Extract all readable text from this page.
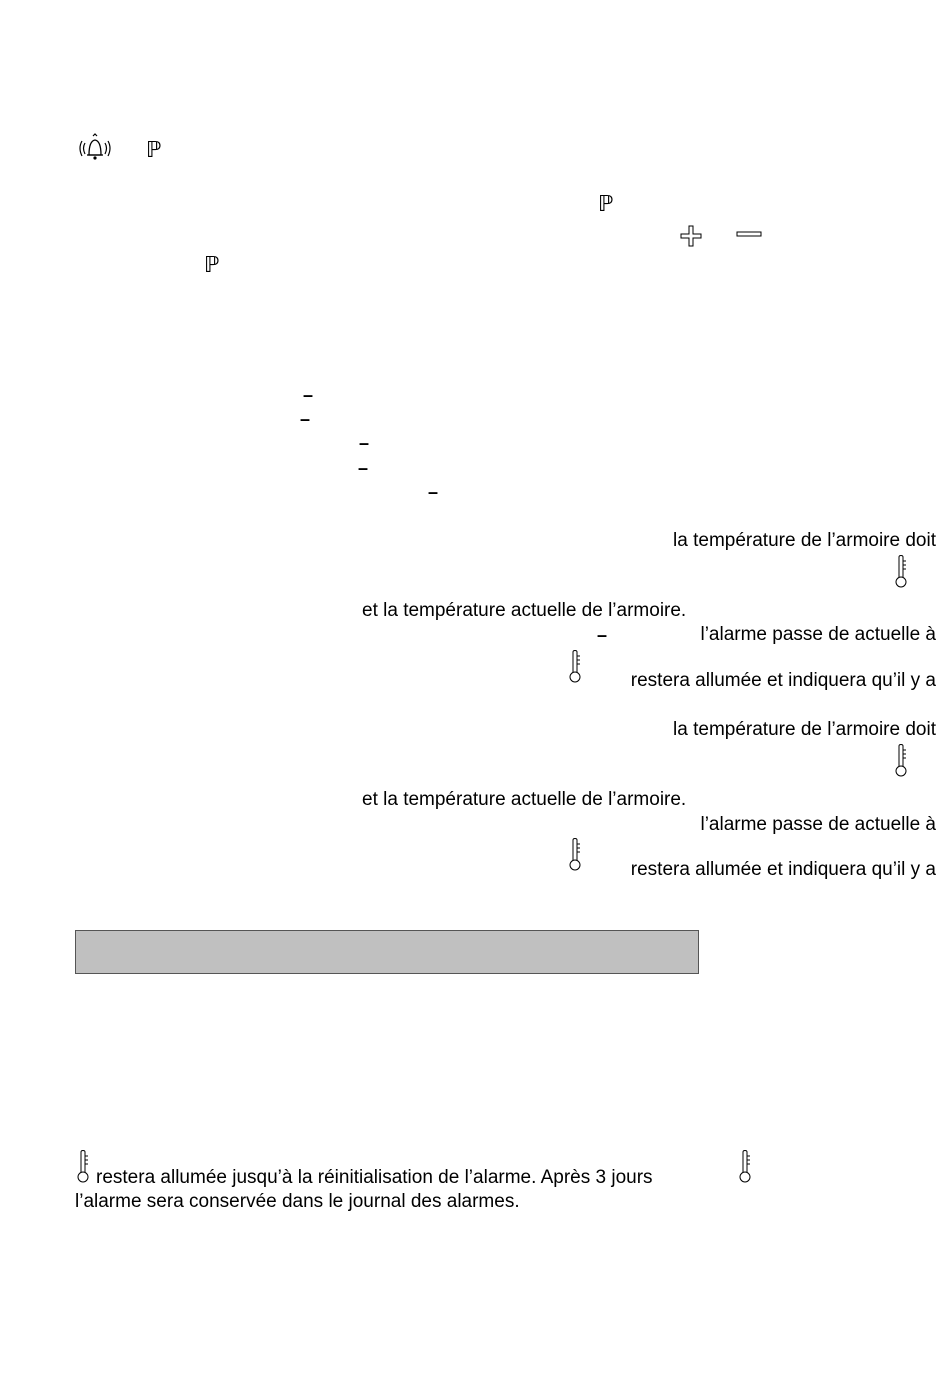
ℙ
ℙ
ℙ
–
–
–
–
–
la température de l’armoire doit
et la température actuelle de l’armoire.
–	l’alarme passe de actuelle à
restera allumée et indiquera qu’il y a
la température de l’armoire doit
et la température actuelle de l’armoire.
l’alarme passe de actuelle à
restera allumée et indiquera qu’il y a
restera allumée jusqu’à la réinitialisation de l’alarme. Après 3 jours
l’alarme sera conservée dans le journal des alarmes.
